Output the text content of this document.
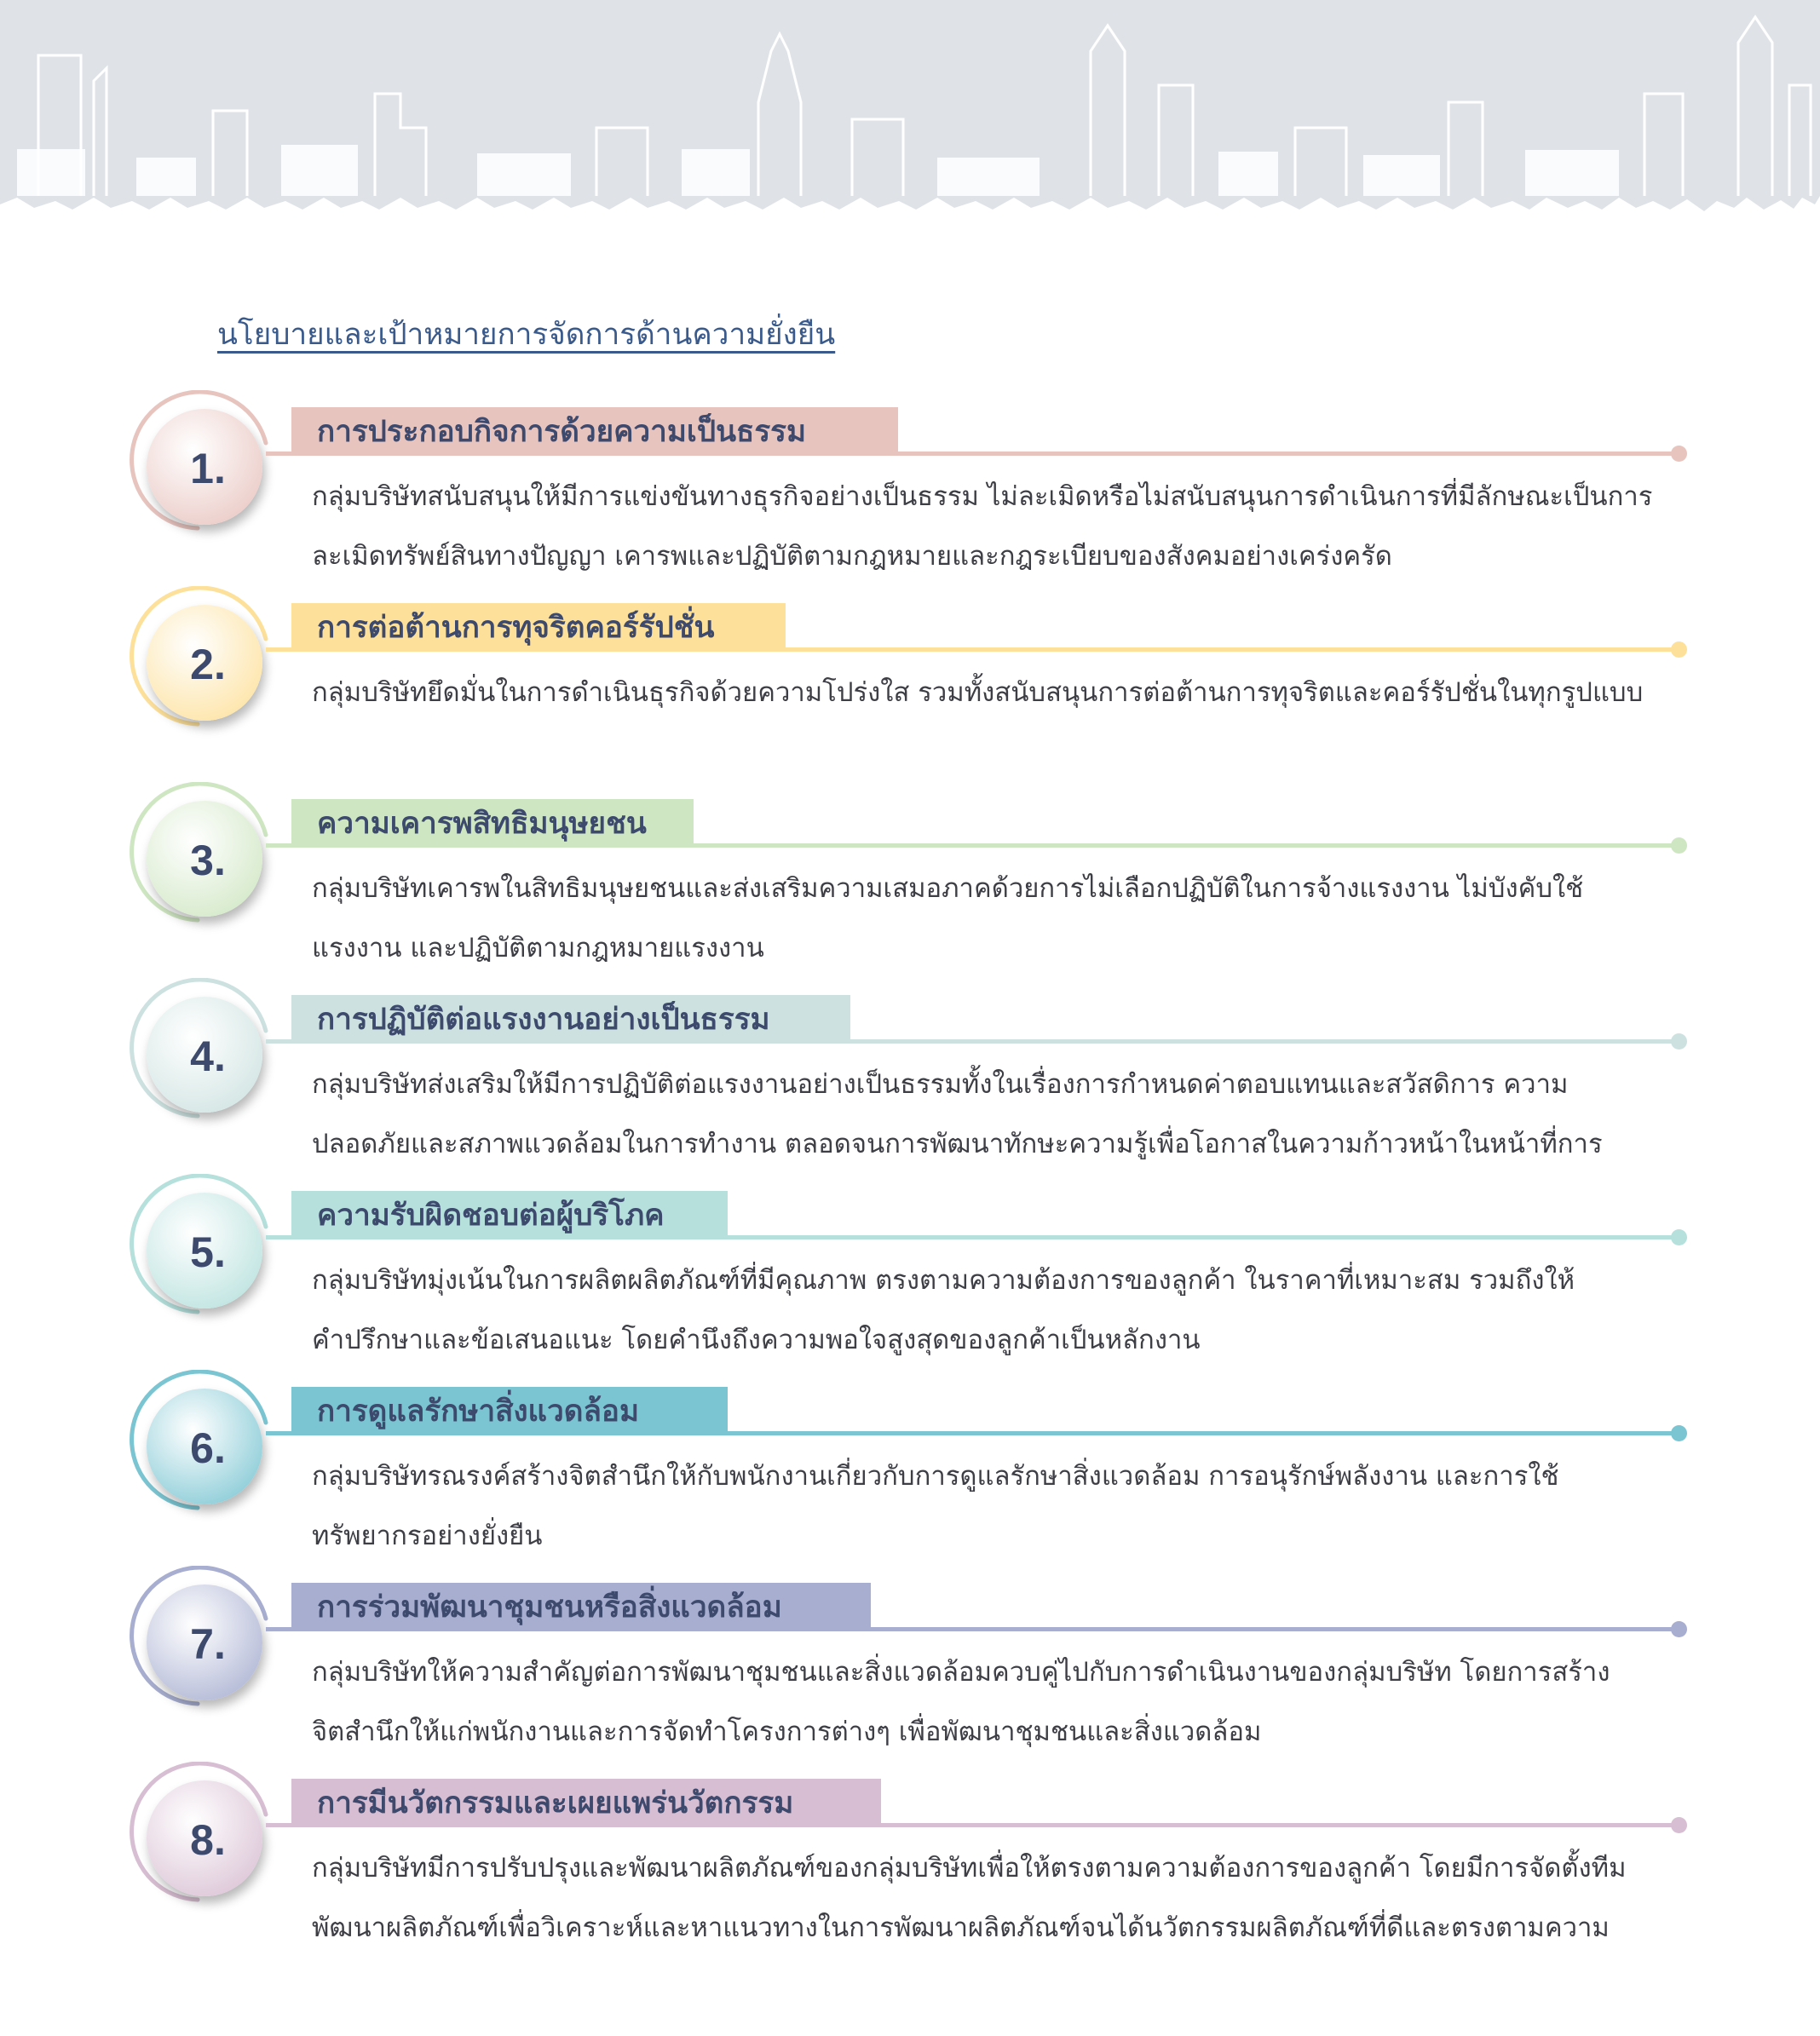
นโยบายและเป้าหมายการจัดการด้านความยั่งยืน
1.
การประกอบกิจการด้วยความเป็นธรรม
กลุ่มบริษัทสนับสนุนให้มีการแข่งขันทางธุรกิจอย่างเป็นธรรม ไม่ละเมิดหรือไม่สนับสนุนการดำเนินการที่มีลักษณะเป็นการ
ละเมิดทรัพย์สินทางปัญญา เคารพและปฏิบัติตามกฎหมายและกฎระเบียบของสังคมอย่างเคร่งครัด
2.
การต่อต้านการทุจริตคอร์รัปชั่น
กลุ่มบริษัทยึดมั่นในการดำเนินธุรกิจด้วยความโปร่งใส รวมทั้งสนับสนุนการต่อต้านการทุจริตและคอร์รัปชั่นในทุกรูปแบบ
3.
ความเคารพสิทธิมนุษยชน
กลุ่มบริษัทเคารพในสิทธิมนุษยชนและส่งเสริมความเสมอภาคด้วยการไม่เลือกปฏิบัติในการจ้างแรงงาน ไม่บังคับใช้
แรงงาน และปฏิบัติตามกฎหมายแรงงาน
4.
การปฏิบัติต่อแรงงานอย่างเป็นธรรม
กลุ่มบริษัทส่งเสริมให้มีการปฏิบัติต่อแรงงานอย่างเป็นธรรมทั้งในเรื่องการกำหนดค่าตอบแทนและสวัสดิการ ความ
ปลอดภัยและสภาพแวดล้อมในการทำงาน ตลอดจนการพัฒนาทักษะความรู้เพื่อโอกาสในความก้าวหน้าในหน้าที่การ
5.
ความรับผิดชอบต่อผู้บริโภค
กลุ่มบริษัทมุ่งเน้นในการผลิตผลิตภัณฑ์ที่มีคุณภาพ ตรงตามความต้องการของลูกค้า ในราคาที่เหมาะสม รวมถึงให้
คำปรึกษาและข้อเสนอแนะ โดยคำนึงถึงความพอใจสูงสุดของลูกค้าเป็นหลักงาน
6.
การดูแลรักษาสิ่งแวดล้อม
กลุ่มบริษัทรณรงค์สร้างจิตสำนึกให้กับพนักงานเกี่ยวกับการดูแลรักษาสิ่งแวดล้อม การอนุรักษ์พลังงาน และการใช้
ทรัพยากรอย่างยั่งยืน
7.
การร่วมพัฒนาชุมชนหรือสิ่งแวดล้อม
กลุ่มบริษัทให้ความสำคัญต่อการพัฒนาชุมชนและสิ่งแวดล้อมควบคู่ไปกับการดำเนินงานของกลุ่มบริษัท โดยการสร้าง
จิตสำนึกให้แก่พนักงานและการจัดทำโครงการต่างๆ เพื่อพัฒนาชุมชนและสิ่งแวดล้อม
8.
การมีนวัตกรรมและเผยแพร่นวัตกรรม
กลุ่มบริษัทมีการปรับปรุงและพัฒนาผลิตภัณฑ์ของกลุ่มบริษัทเพื่อให้ตรงตามความต้องการของลูกค้า โดยมีการจัดตั้งทีม
พัฒนาผลิตภัณฑ์เพื่อวิเคราะห์และหาแนวทางในการพัฒนาผลิตภัณฑ์จนได้นวัตกรรมผลิตภัณฑ์ที่ดีและตรงตามความ
